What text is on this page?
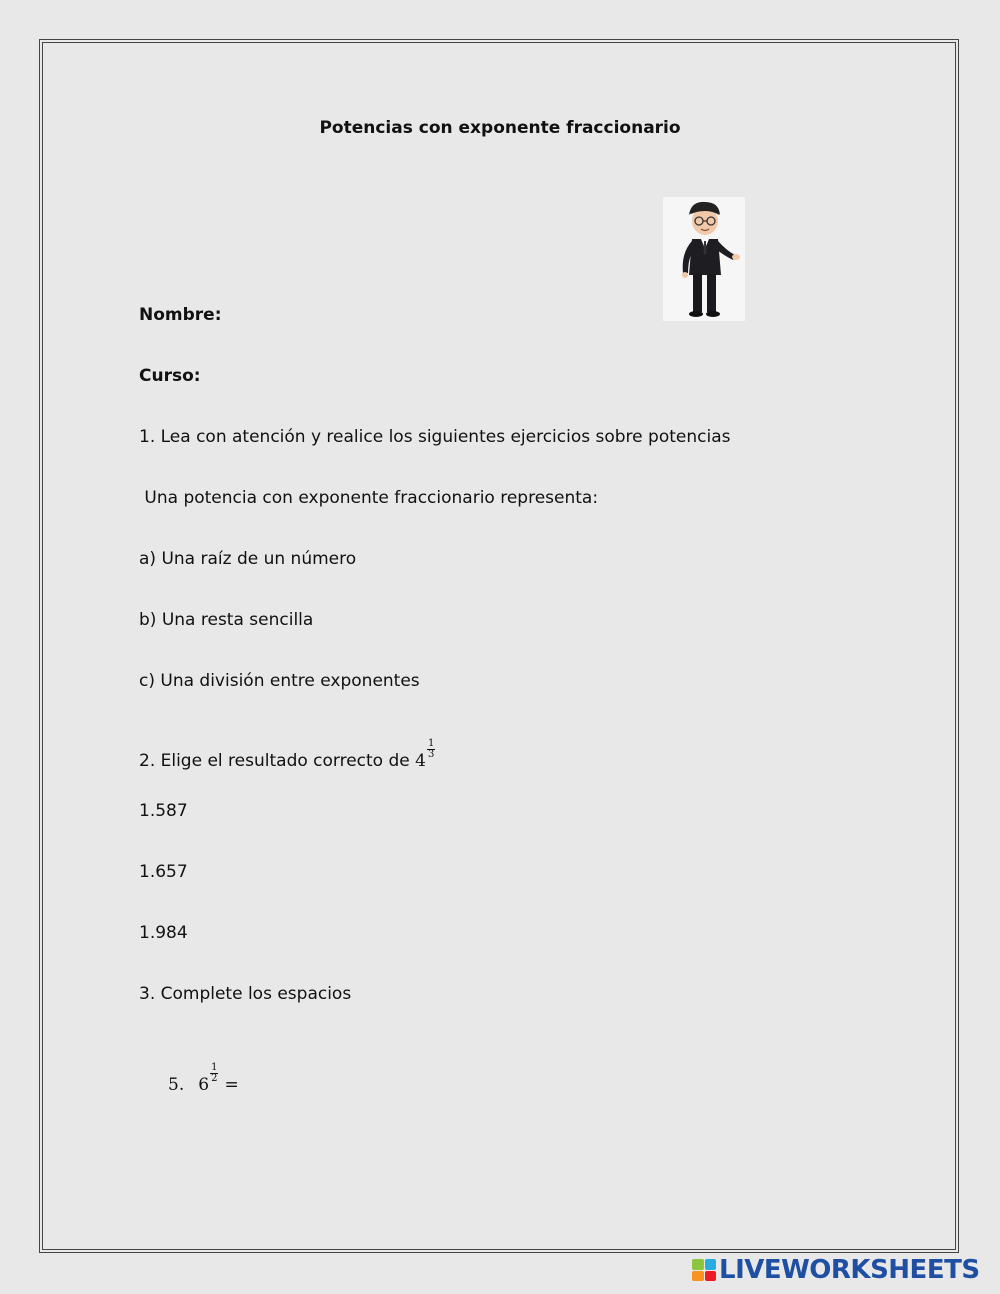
Potencias con exponente fraccionario
Nombre:
Curso:
1. Lea con atención y realice los siguientes ejercicios sobre potencias
Una potencia con exponente fraccionario representa:
a) Una raíz de un número
b) Una resta sencilla
c) Una división entre exponentes
2. Elige el resultado correcto de 4
$\frac{1}{3}$
1.587
1.657
1.984
3. Complete los espacios
5. 6
$\frac{1}{2}$
=
LIVEWORKSHEETS
